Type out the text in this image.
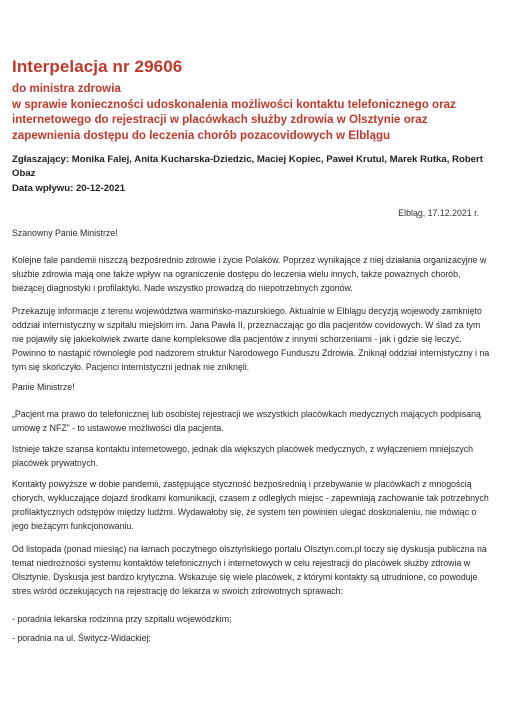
Interpelacja nr 29606
do ministra zdrowia
w sprawie konieczności udoskonalenia możliwości kontaktu telefonicznego oraz internetowego do rejestracji w placówkach służby zdrowia w Olsztynie oraz zapewnienia dostępu do leczenia chorób pozacovidowych w Elblągu
Zgłaszający: Monika Falej, Anita Kucharska-Dziedzic, Maciej Kopiec, Paweł Krutul, Marek Rutka, Robert Obaz
Data wpływu: 20-12-2021
Elbląg, 17.12.2021 r.
Szanowny Panie Ministrze!
Kolejne fale pandemii niszczą bezpośrednio zdrowie i życie Polaków. Poprzez wynikające z niej działania organizacyjne w służbie zdrowia mają one także wpływ na ograniczenie dostępu do leczenia wielu innych, także poważnych chorób, bieżącej diagnostyki i profilaktyki. Nade wszystko prowadzą do niepotrzebnych zgonów.
Przekazuję informacje z terenu województwa warmińsko-mazurskiego. Aktualnie w Elblągu decyzją wojewody zamknięto oddział internistyczny w szpitalu miejskim im. Jana Pawła II, przeznaczając go dla pacjentów covidowych. W ślad za tym nie pojawiły się jakiekolwiek zwarte dane kompleksowe dla pacjentów z innymi schorzeniami - jak i gdzie się leczyć. Powinno to nastąpić równolegle pod nadzorem struktur Narodowego Funduszu Zdrowia. Zniknął oddział internistyczny i na tym się skończyło. Pacjenci internistyczni jednak nie zniknęli.
Panie Ministrze!
„Pacjent ma prawo do telefonicznej lub osobistej rejestracji we wszystkich placówkach medycznych mających podpisaną umowę z NFZ” - to ustawowe możliwości dla pacjenta.
Istnieje także szansa kontaktu internetowego, jednak dla większych placówek medycznych, z wyłączeniem mniejszych placówek prywatnych.
Kontakty powyższe w dobie pandemii, zastępujące styczność bezpośrednią i przebywanie w placówkach z mnogością chorych, wykluczające dojazd środkami komunikacji, czasem z odległych miejsc - zapewniają zachowanie tak potrzebnych profilaktycznych odstępów między ludźmi. Wydawałoby się, że system ten powinien ulegać doskonaleniu, nie mówiąc o jego bieżącym funkcjonowaniu.
Od listopada (ponad miesiąc) na łamach poczytnego olsztyńskiego portalu Olsztyn.com.pl toczy się dyskusja publiczna na temat niedrożności systemu kontaktów telefonicznych i internetowych w celu rejestracji do placówek służby zdrowia w Olsztynie. Dyskusja jest bardzo krytyczna. Wskazuje się wiele placówek, z którymi kontakty są utrudnione, co powoduje stres wśród oczekujących na rejestrację do lekarza w swoich zdrowotnych sprawach:
- poradnia lekarska rodzinna przy szpitalu wojewódzkim;
- poradnia na ul. Świtycz-Widackiej;
